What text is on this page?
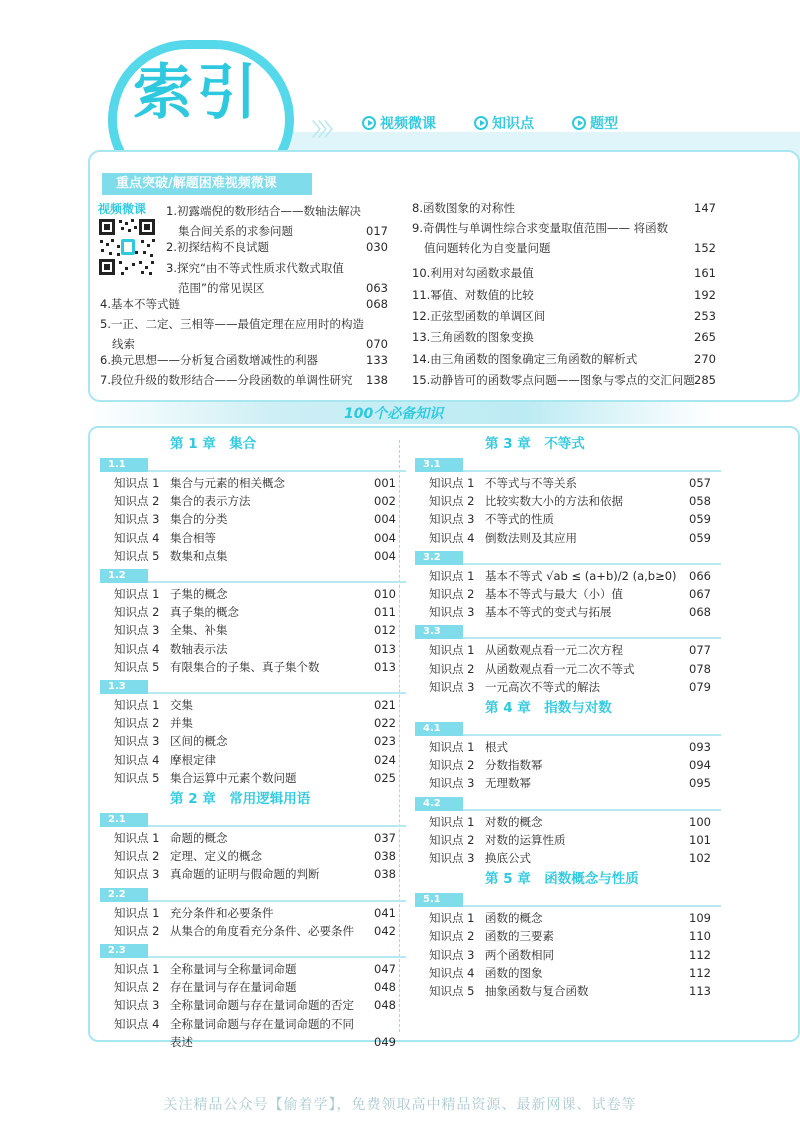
索引
〉〉〉	视频微课	知识点	题型
重点突破/解题困难视频微课
视频微课 1.初露端倪的数形结合——数轴法解决
集合间关系的求参问题	017
2.初探结构不良试题	030
3.探究“由不等式性质求代数式取值
范围”的常见误区	063
4.基本不等式链	068
5.一正、二定、三相等——最值定理在应用时的构造
线索	070
6.换元思想——分析复合函数增减性的利器	133
7.段位升级的数形结合——分段函数的单调性研究 138
8.函数图象的对称性	147
9.奇偶性与单调性综合求变量取值范围—— 将函数
值问题转化为自变量问题	152
10.利用对勾函数求最值	161
11.幂值、对数值的比较	192
12.正弦型函数的单调区间	253
13.三角函数的图象变换	265
14.由三角函数的图象确定三角函数的解析式	270
15.动静皆可的函数零点问题——图象与零点的交汇问题 285
100个必备知识
第 1 章　集合
1.1
知识点 1 集合与元素的相关概念	001
知识点 2 集合的表示方法	002
知识点 3 集合的分类	004
知识点 4 集合相等	004
知识点 5 数集和点集	004
1.2
知识点 1 子集的概念	010
知识点 2 真子集的概念	011
知识点 3 全集、补集	012
知识点 4 数轴表示法	013
知识点 5 有限集合的子集、真子集个数	013
1.3
知识点 1 交集	021
知识点 2 并集	022
知识点 3 区间的概念	023
知识点 4 摩根定律	024
知识点 5 集合运算中元素个数问题	025
第 2 章　常用逻辑用语
2.1
知识点 1 命题的概念	037
知识点 2 定理、定义的概念	038
知识点 3 真命题的证明与假命题的判断	038
2.2
知识点 1 充分条件和必要条件	041
知识点 2 从集合的角度看充分条件、必要条件	042
2.3
知识点 1 全称量词与全称量词命题	047
知识点 2 存在量词与存在量词命题	048
知识点 3 全称量词命题与存在量词命题的否定	048
知识点 4 全称量词命题与存在量词命题的不同
表述	049
第 3 章　不等式
3.1
知识点 1 不等式与不等关系	057
知识点 2 比较实数大小的方法和依据	058
知识点 3 不等式的性质	059
知识点 4 倒数法则及其应用	059
3.2
知识点 1 基本不等式 √ab ≤ (a+b)/2 (a,b≥0)	066
知识点 2 基本不等式与最大（小）值	067
知识点 3 基本不等式的变式与拓展	068
3.3
知识点 1 从函数观点看一元二次方程	077
知识点 2 从函数观点看一元二次不等式	078
知识点 3 一元高次不等式的解法	079
第 4 章　指数与对数
4.1
知识点 1 根式	093
知识点 2 分数指数幂	094
知识点 3 无理数幂	095
4.2
知识点 1 对数的概念	100
知识点 2 对数的运算性质	101
知识点 3 换底公式	102
第 5 章　函数概念与性质
5.1
知识点 1 函数的概念	109
知识点 2 函数的三要素	110
知识点 3 两个函数相同	112
知识点 4 函数的图象	112
知识点 5 抽象函数与复合函数	113
关注精品公众号【偷着学】，免费领取高中精品资源、最新网课、试卷等
